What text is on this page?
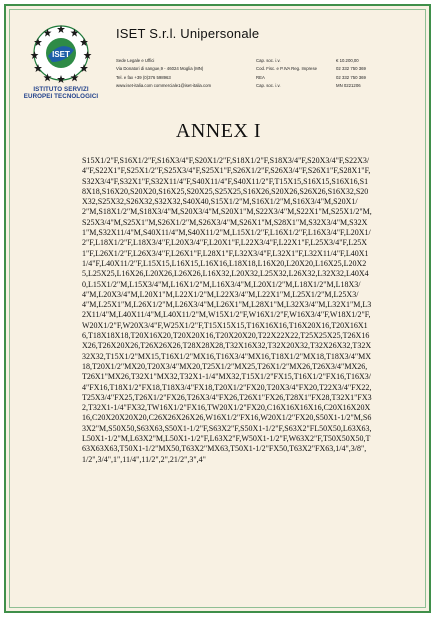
ISET
ISTITUTO SERVIZI
EUROPEI TECNOLOGICI
ISET S.r.l. Unipersonale
Sede Legale e Uffici
Via Donatori di sangue,9 - 46024 Moglia (MN)
Tel. e fax +39 (0)376 598963
www.iset-italia.com commerciale1@iset-italia.com
Cap. soc. i.v.
Cod. Fisc. e P.IVA Reg. Imprese
REA
Cap. soc. i.v.
€ 10.200,00
02 332 750 369
02 332 750 369
MN 0221206
ANNEX I
S15X1/2"F,S16X1/2"F,S16X3/4"F,S20X1/2"F,S18X1/2"F,S18X3/4"F,S20X3/4"F,S22X3/4"F,S22X1"F,S25X1/2"F,S25X3/4"F,S25X1"F,S26X1/2"F,S26X3/4"F,S26X1"F,S28X1"F,S32X3/4"F,S32X1"F,S32X11/4"F,S40X11/4"F,S40X11/2"F,T15X15,S16X15,S16X16,S18X18,S16X20,S20X20,S16X25,S20X25,S25X25,S16X26,S20X26,S26X26,S16X32,S20X32,S25X32,S26X32,S32X32,S40X40,S15X1/2"M,S16X1/2"M,S16X3/4"M,S20X1/2"M,S18X1/2"M,S18X3/4"M,S20X3/4"M,S20X1"M,S22X3/4"M,S22X1"M,S25X1/2"M,S25X3/4"M,S25X1"M,S26X1/2"M,S26X3/4"M,S26X1"M,S28X1"M,S32X3/4"M,S32X1"M,S32X11/4"M,S40X11/4"M,S40X11/2"M,L15X1/2"F,L16X1/2"F,L16X3/4"F,L20X1/2"F,L18X1/2"F,L18X3/4"F,L20X3/4"F,L20X1"F,L22X3/4"F,L22X1"F,L25X3/4"F,L25X1"F,L26X1/2"F,L26X3/4"F,L26X1"F,L28X1"F,L32X3/4"F,L32X1"F,L32X11/4"F,L40X11/4"F,L40X11/2"F,L15X15,L16X15,L16X16,L18X18,L16X20,L20X20,L16X25,L20X25,L25X25,L16X26,L20X26,L26X26,L16X32,L20X32,L25X32,L26X32,L32X32,L40X40,L15X1/2"M,L15X3/4"M,L16X1/2"M,L16X3/4"M,L20X1/2"M,L18X1/2"M,L18X3/4"M,L20X3/4"M,L20X1"M,L22X1/2"M,L22X3/4"M,L22X1"M,L25X1/2"M,L25X3/4"M,L25X1"M,L26X1/2"M,L26X3/4"M,L26X1"M,L28X1"M,L32X3/4"M,L32X1"M,L32X11/4"M,L40X11/4"M,L40X11/2"M,W15X1/2"F,W16X1/2"F,W16X3/4"F,W18X1/2"F,W20X1/2"F,W20X3/4"F,W25X1/2"F,T15X15X15,T16X16X16,T16X20X16,T20X16X16,T18X18X18,T20X16X20,T20X20X16,T20X20X20,T22X22X22,T25X25X25,T26X16X26,T26X20X26,T26X26X26,T28X28X28,T32X16X32,T32X20X32,T32X26X32,T32X32X32,T15X1/2"MX15,T16X1/2"MX16,T16X3/4"MX16,T18X1/2"MX18,T18X3/4"MX18,T20X1/2"MX20,T20X3/4"MX20,T25X1/2"MX25,T26X1/2"MX26,T26X3/4"MX26,T26X1"MX26,T32X1"MX32,T32X1-1/4"MX32,T15X1/2"FX15,T16X1/2"FX16,T16X3/4"FX16,T18X1/2"FX18,T18X3/4"FX18,T20X1/2"FX20,T20X3/4"FX20,T22X3/4"FX22,T25X3/4"FX25,T26X1/2"FX26,T26X3/4"FX26,T26X1"FX26,T28X1"FX28,T32X1"FX32,T32X1-1/4"FX32,TW16X1/2"FX16,TW20X1/2"FX20,C16X16X16X16,C20X16X20X16,C20X20X20X20,C26X26X26X26,W16X1/2"FX16,W20X1/2"FX20,S50X1-1/2"M,S63X2"M,S50X50,S63X63,S50X1-1/2"F,S63X2"F,S50X1-1/2"F,S63X2"FL50X50,L63X63,L50X1-1/2"M,L63X2"M,L50X1-1/2"F,L63X2"F,W50X1-1/2"F,W63X2"F,T50X50X50,T63X63X63,T50X1-1/2"MX50,T63X2"MX63,T50X1-1/2"FX50,T63X2"FX63,1/4",3/8",1/2",3/4",1",11/4",11/2",2",21/2",3",4"
